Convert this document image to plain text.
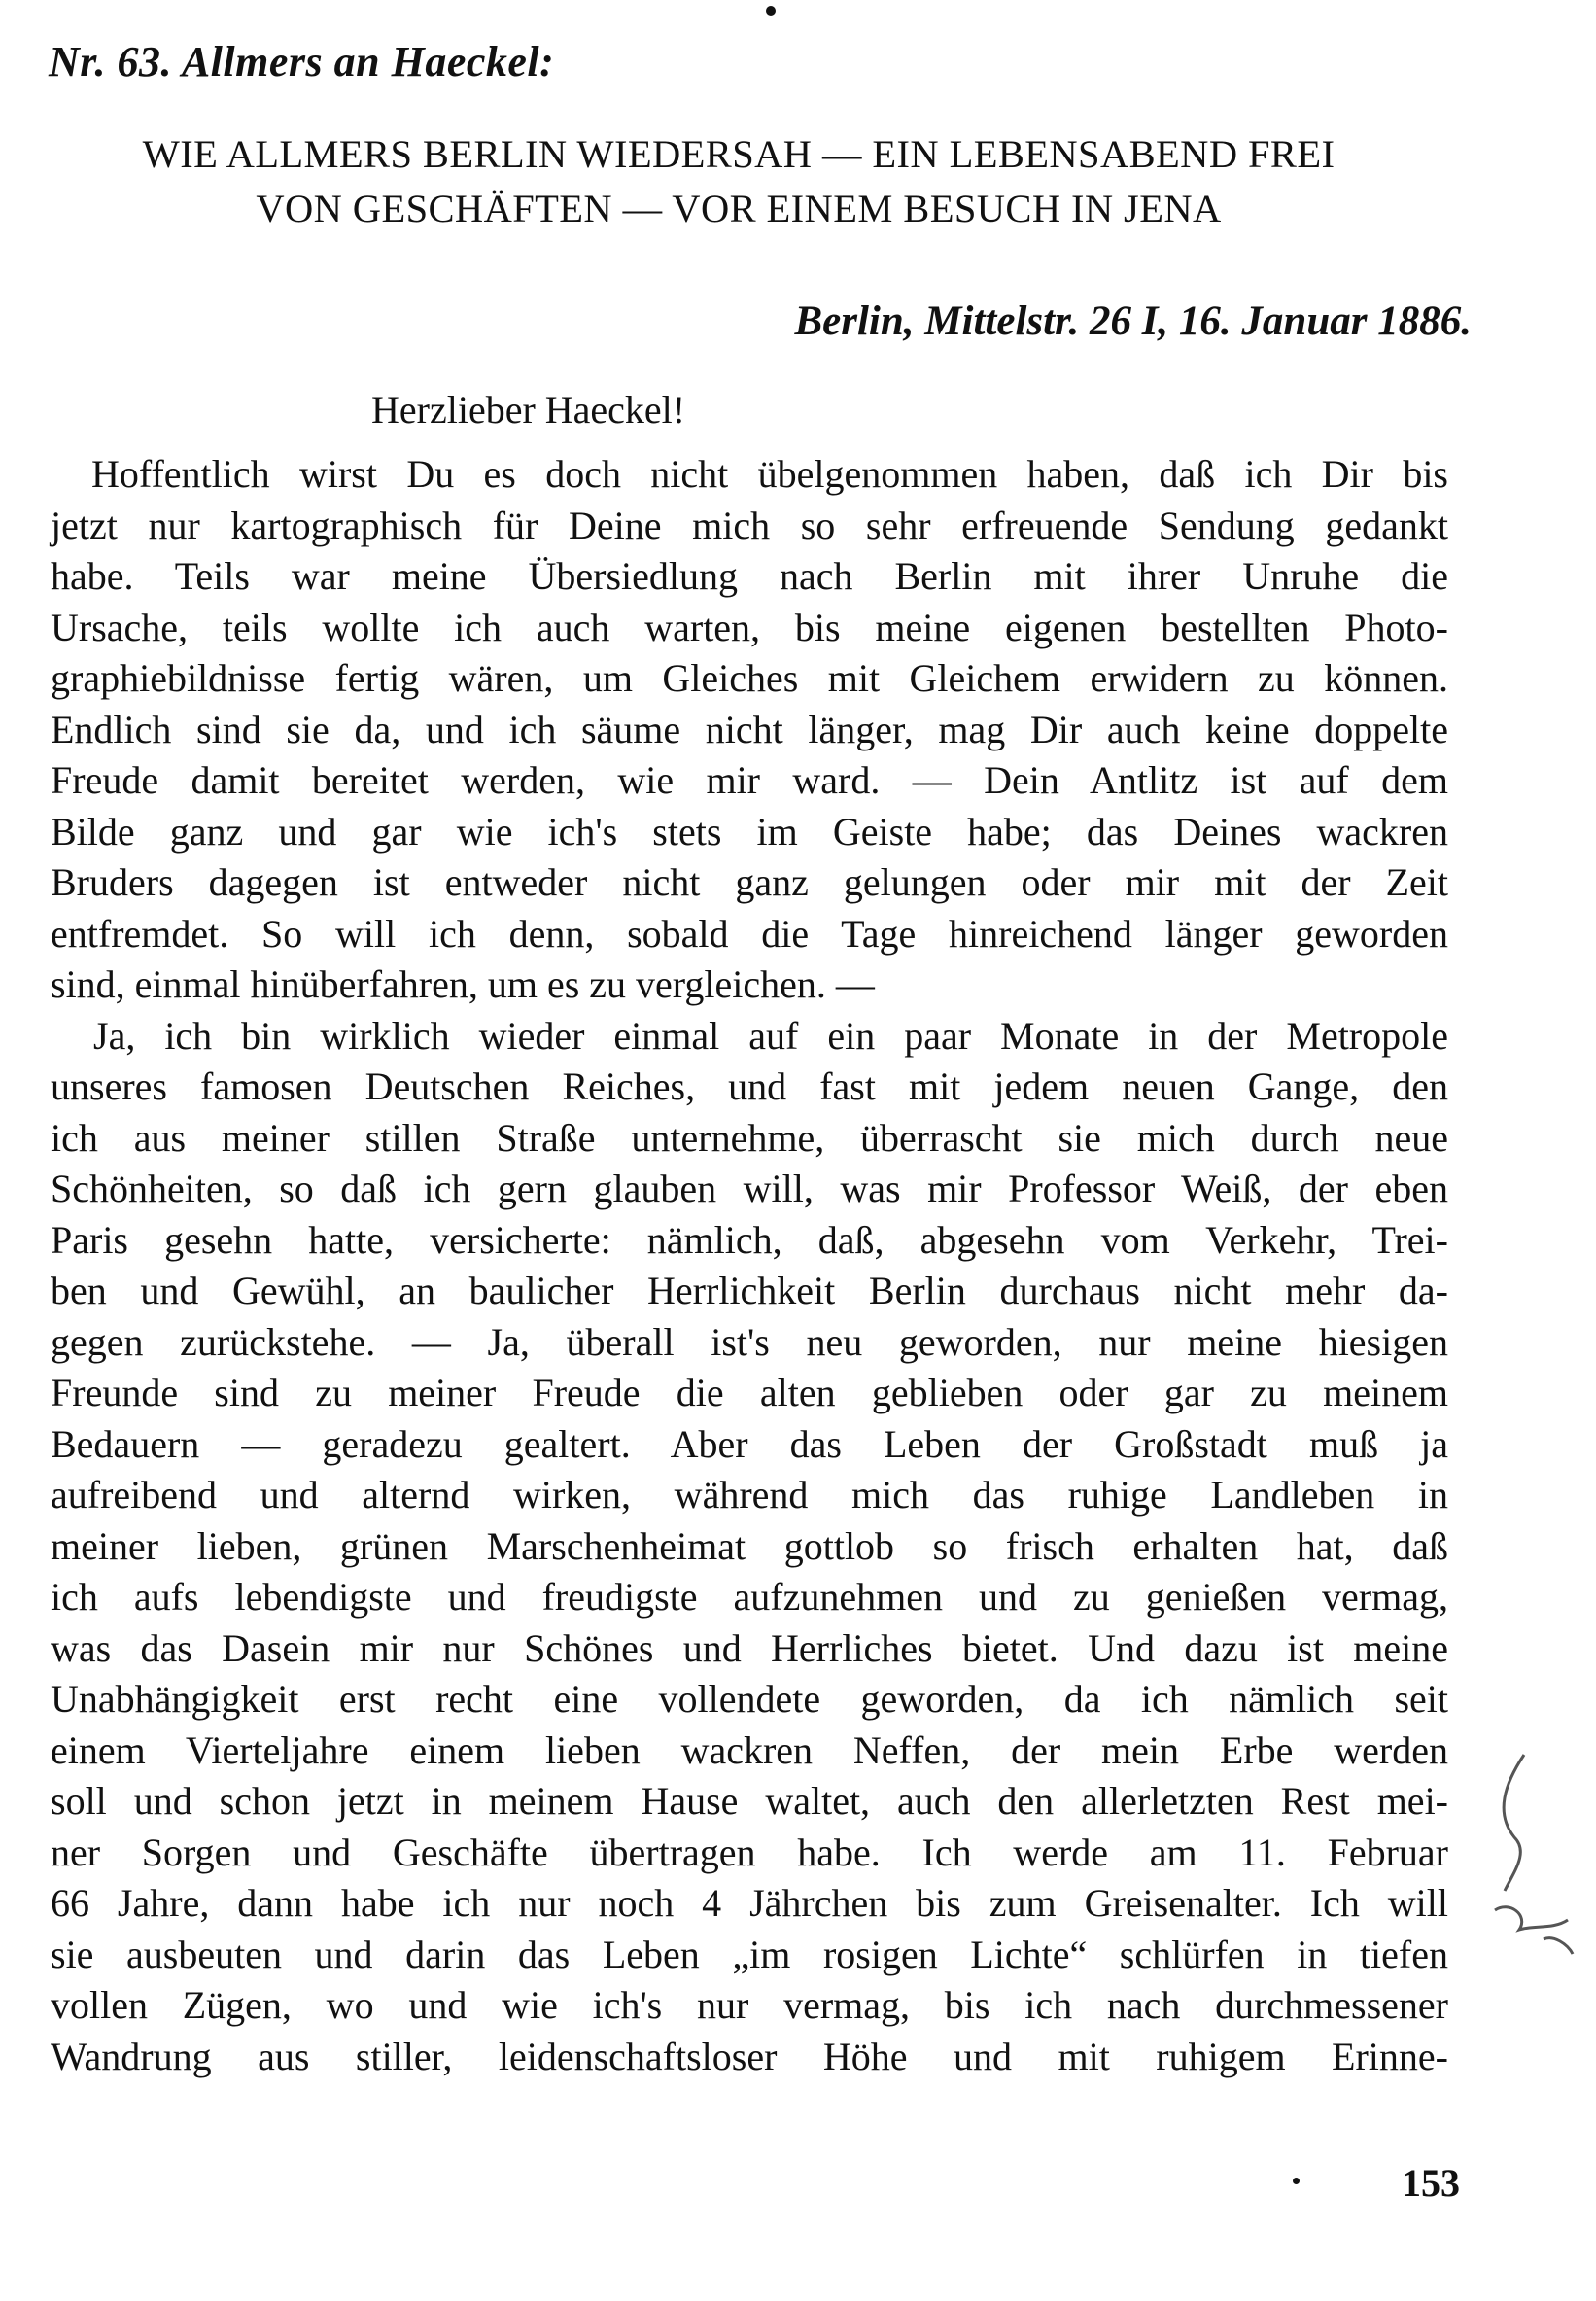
Nr. 63. Allmers an Haeckel:
WIE ALLMERS BERLIN WIEDERSAH — EIN LEBENSABEND FREI
VON GESCHÄFTEN — VOR EINEM BESUCH IN JENA
Berlin, Mittelstr. 26 I, 16. Januar 1886.
Herzlieber Haeckel!
Hoffentlich wirst Du es doch nicht übelgenommen haben, daß ich Dir bis
jetzt nur kartographisch für Deine mich so sehr erfreuende Sendung gedankt
habe. Teils war meine Übersiedlung nach Berlin mit ihrer Unruhe die
Ursache, teils wollte ich auch warten, bis meine eigenen bestellten Photo-
graphiebildnisse fertig wären, um Gleiches mit Gleichem erwidern zu können.
Endlich sind sie da, und ich säume nicht länger, mag Dir auch keine doppelte
Freude damit bereitet werden, wie mir ward. — Dein Antlitz ist auf dem
Bilde ganz und gar wie ich's stets im Geiste habe; das Deines wackren
Bruders dagegen ist entweder nicht ganz gelungen oder mir mit der Zeit
entfremdet. So will ich denn, sobald die Tage hinreichend länger geworden
sind, einmal hinüberfahren, um es zu vergleichen. —
Ja, ich bin wirklich wieder einmal auf ein paar Monate in der Metropole
unseres famosen Deutschen Reiches, und fast mit jedem neuen Gange, den
ich aus meiner stillen Straße unternehme, überrascht sie mich durch neue
Schönheiten, so daß ich gern glauben will, was mir Professor Weiß, der eben
Paris gesehn hatte, versicherte: nämlich, daß, abgesehn vom Verkehr, Trei-
ben und Gewühl, an baulicher Herrlichkeit Berlin durchaus nicht mehr da-
gegen zurückstehe. — Ja, überall ist's neu geworden, nur meine hiesigen
Freunde sind zu meiner Freude die alten geblieben oder gar zu meinem
Bedauern — geradezu gealtert. Aber das Leben der Großstadt muß ja
aufreibend und alternd wirken, während mich das ruhige Landleben in
meiner lieben, grünen Marschenheimat gottlob so frisch erhalten hat, daß
ich aufs lebendigste und freudigste aufzunehmen und zu genießen vermag,
was das Dasein mir nur Schönes und Herrliches bietet. Und dazu ist meine
Unabhängigkeit erst recht eine vollendete geworden, da ich nämlich seit
einem Vierteljahre einem lieben wackren Neffen, der mein Erbe werden
soll und schon jetzt in meinem Hause waltet, auch den allerletzten Rest mei-
ner Sorgen und Geschäfte übertragen habe. Ich werde am 11. Februar
66 Jahre, dann habe ich nur noch 4 Jährchen bis zum Greisenalter. Ich will
sie ausbeuten und darin das Leben „im rosigen Lichte“ schlürfen in tiefen
vollen Zügen, wo und wie ich's nur vermag, bis ich nach durchmessener
Wandrung aus stiller, leidenschaftsloser Höhe und mit ruhigem Erinne-
153
